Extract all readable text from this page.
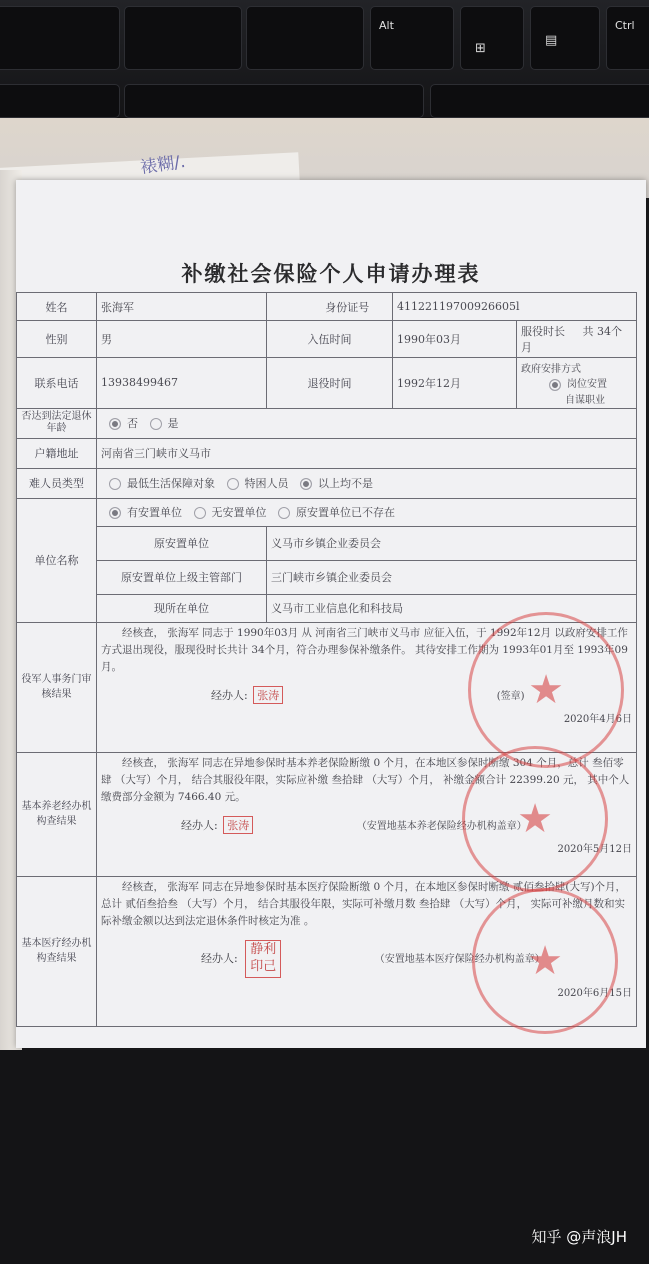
Alt
⊞
▤
Ctrl
裱糊/.
补缴社会保险个人申请办理表
姓名	张海军		身份证号	41122119700926605l	
性别	男	入伍时间		1990年03月	服役时长 共 34个月
联系电话	13938499467	退役时间		1992年12月	政府安排方式
岗位安置
自谋职业

否达到法定退休年龄	否 是				
户籍地址	河南省三门峡市义马市				
难人员类型	最低生活保障对象 特困人员 以上均不是				
单位名称	有安置单位 无安置单位 原安置单位已不存在				
	原安置单位	义马市乡镇企业委员会			
	原安置单位上级主管部门	三门峡市乡镇企业委员会			
	现所在单位	义马市工业信息化和科技局			
役军人事务门审核结果	经核查， 张海军 同志于 1990年03月 从 河南省三门峡市义马市 应征入伍，于 1992年12月 以政府安排工作方式退出现役，服现役时长共计 34个月，符合办理参保补缴条件。 其待安排工作期为 1993年01月至 1993年09月。
经办人: 张涛 (签章)
2020年4月6日				

基本养老经办机构查结果	经核查， 张海军 同志在异地参保时基本养老保险断缴 0 个月，在本地区参保时断缴 304 个月，总计 叁佰零肆 （大写）个月， 结合其服役年限，实际应补缴 叁拾肆 （大写）个月， 补缴金额合计 22399.20 元， 其中个人缴费部分金额为 7466.40 元。
经办人: 张涛 （安置地基本养老保险经办机构盖章）
2020年5月12日				

基本医疗经办机构查结果	经核查， 张海军 同志在异地参保时基本医疗保险断缴 0 个月，在本地区参保时断缴 贰佰叁拾肆(大写)个月， 总计 贰佰叁拾叁 （大写）个月， 结合其服役年限，实际可补缴月数 叁拾肆 （大写）个月， 实际可补缴月数和实际补缴金额以达到法定退休条件时核定为准 。
经办人: 静利印己 （安置地基本医疗保险经办机构盖章）
2020年6月15日				
★
★
★
知乎 @声浪JH
